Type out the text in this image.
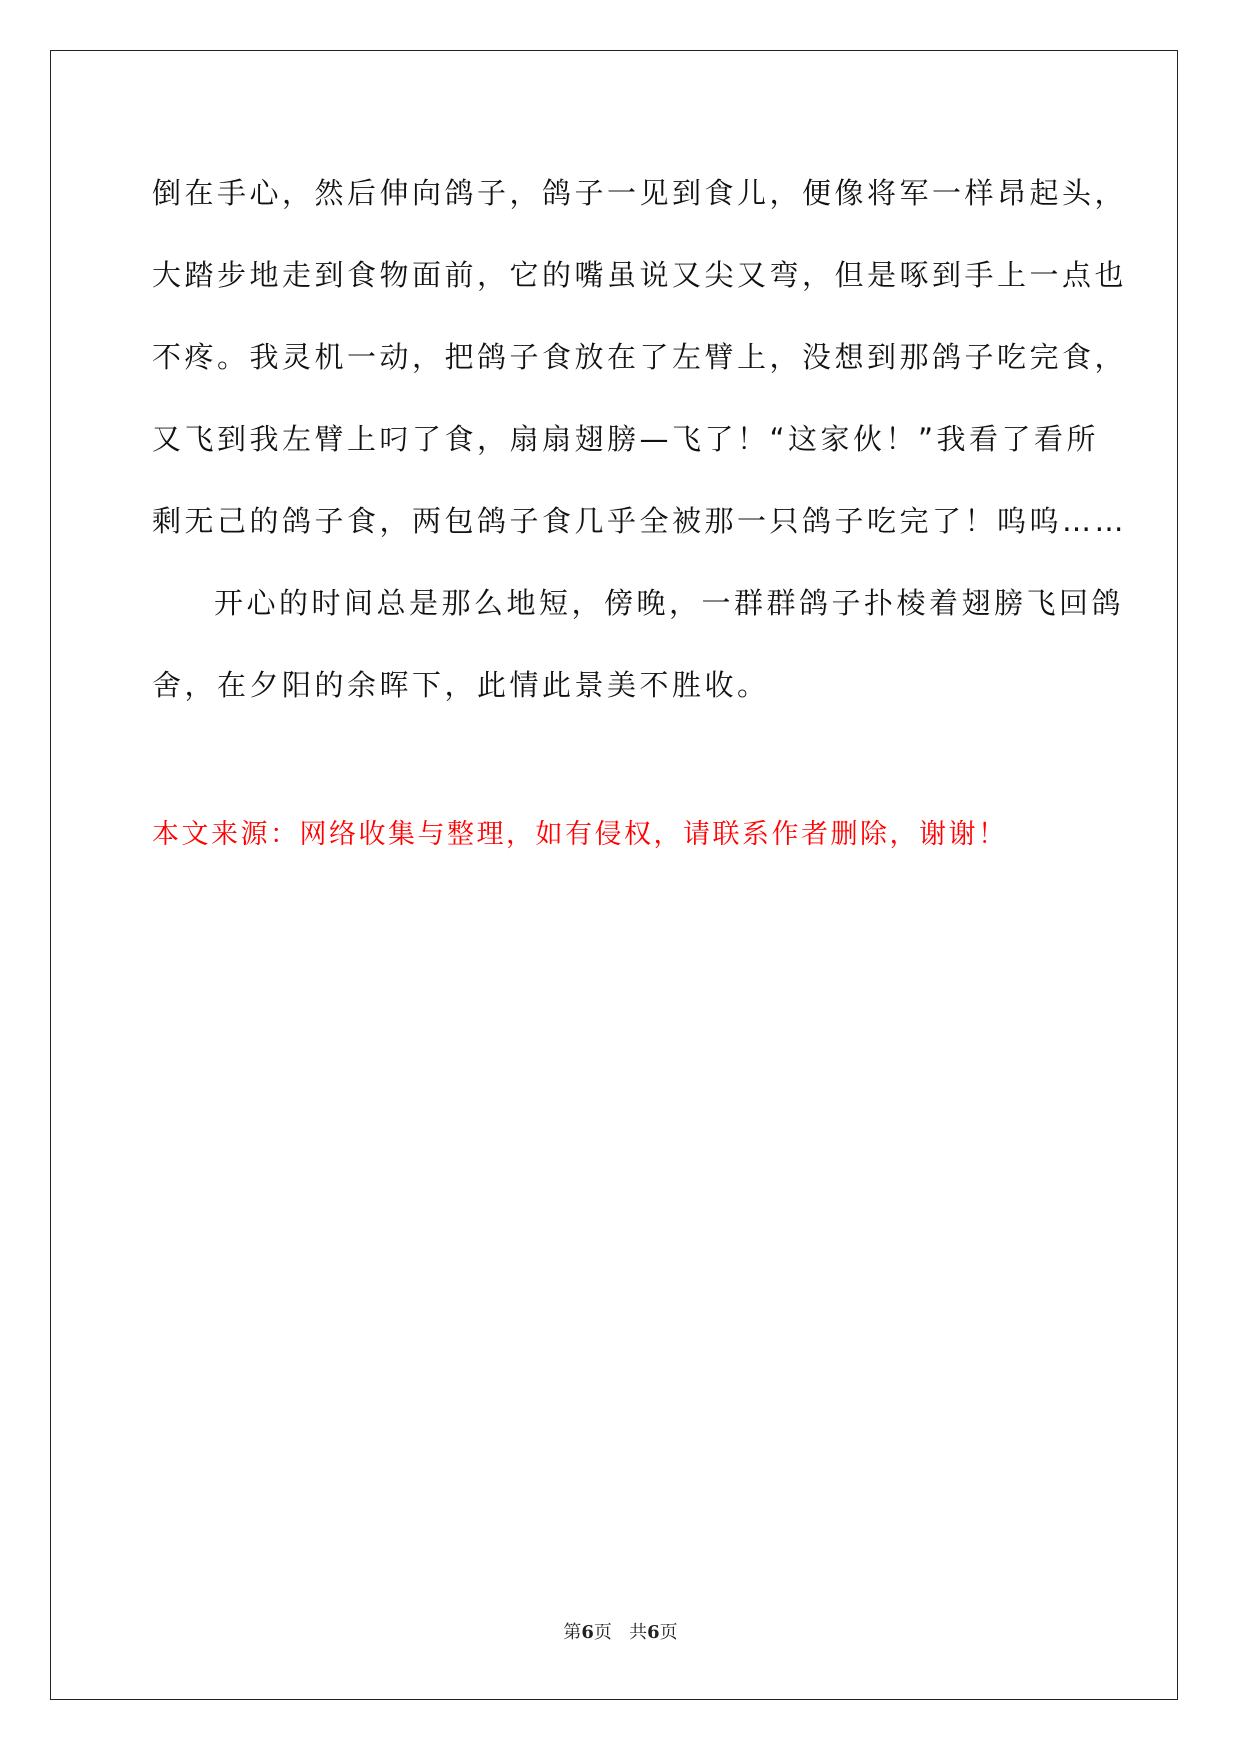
倒在手心，然后伸向鸽子，鸽子一见到食儿，便像将军一样昂起头，
大踏步地走到食物面前，它的嘴虽说又尖又弯，但是啄到手上一点也
不疼。我灵机一动，把鸽子食放在了左臂上，没想到那鸽子吃完食，
又飞到我左臂上叼了食，扇扇翅膀—飞了！“这家伙！”我看了看所
剩无己的鸽子食，两包鸽子食几乎全被那一只鸽子吃完了！呜呜……
开心的时间总是那么地短，傍晚，一群群鸽子扑棱着翅膀飞回鸽
舍，在夕阳的余晖下，此情此景美不胜收。
本文来源：网络收集与整理，如有侵权，请联系作者删除，谢谢！
第6页   共6页
